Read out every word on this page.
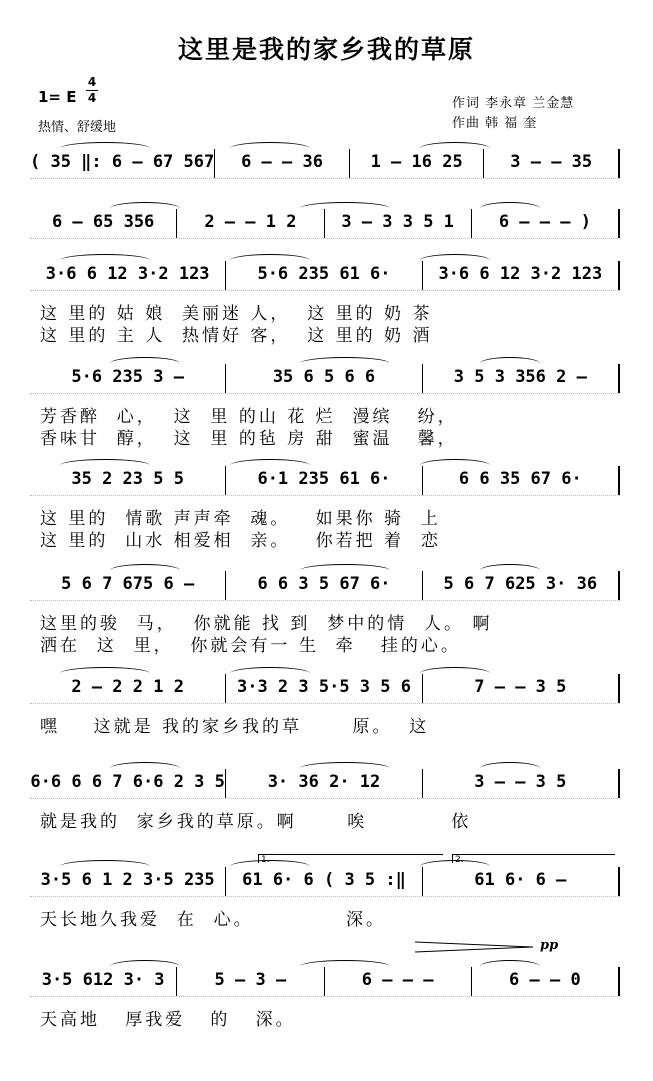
这里是我的家乡我的草原
1= E
4
4
热情、舒缓地
作词 李永章 兰金慧
作曲 韩 福 奎
( 35 ‖: 6 – 67 567	6 – – 36	1 – 16 25	3 – – 35
6 – 65 356	2 – – 1 2	3 – 3 3 5 1	6 – – – )
3·6 6 12 3·2 123	5·6 235 61 6·	3·6 6 12 3·2 123
这 里的 姑 娘  美丽迷 人，  这 里的 奶 茶
这 里的 主 人  热情好 客，  这 里的 奶 酒
5·6 235 3 –	35 6 5 6 6	3 5 3 356 2 –
芳香醉  心，  这  里 的山 花 烂  漫缤   纷，
香味甘  醇，  这  里 的毡 房 甜  蜜温   馨，
35 2 23 5 5	6·1 235 61 6·	6 6 35 67 6·
这 里的  情歌 声声牵  魂。   如果你 骑  上
这 里的  山水 相爱相  亲。   你若把 着  恋
5 6 7 675 6 –	6 6 3 5 67 6·	5 6 7 625 3· 36
这里的骏  马，  你就能 找 到  梦中的情  人。 啊
洒在  这  里，  你就会有一 生  牵   挂的心。
2 – 2 2 1 2	3·3 2 3 5·5 3 5 6	7 – – 3 5
嘿    这就是 我的家乡我的草      原。  这
6·6 6 6 7 6·6 2 3 5	3· 36 2· 12	3 – – 3 5
就是我的  家乡我的草原。啊      唉          依
3·5 6 1 2 3·5 235	61 6· 6 ( 3 5 :‖	61 6· 6 –
1.	2.
天长地久我爱  在  心。           深。
3·5 612 3· 3	5 – 3 –	6 – – –	6 – – 0
pp
天高地   厚我爱   的   深。
